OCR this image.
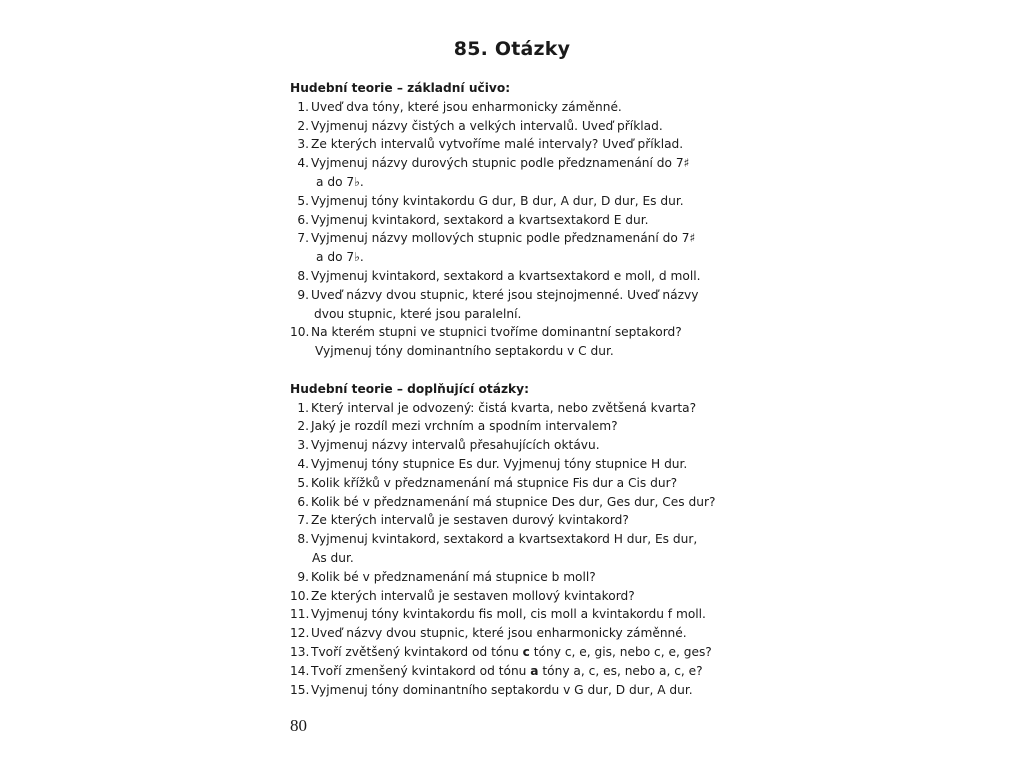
85. Otázky
Hudební teorie – základní učivo:
1. Uveď dva tóny, které jsou enharmonicky záměnné.
2. Vyjmenuj názvy čistých a velkých intervalů. Uveď příklad.
3. Ze kterých intervalů vytvoříme malé intervaly? Uveď příklad.
4. Vyjmenuj názvy durových stupnic podle předznamenání do 7♯
a do 7♭.
5. Vyjmenuj tóny kvintakordu G dur, B dur, A dur, D dur, Es dur.
6. Vyjmenuj kvintakord, sextakord a kvartsextakord E dur.
7. Vyjmenuj názvy mollových stupnic podle předznamenání do 7♯
a do 7♭.
8. Vyjmenuj kvintakord, sextakord a kvartsextakord e moll, d moll.
9. Uveď názvy dvou stupnic, které jsou stejnojmenné. Uveď názvy
dvou stupnic, které jsou paralelní.
10. Na kterém stupni ve stupnici tvoříme dominantní septakord?
Vyjmenuj tóny dominantního septakordu v C dur.
Hudební teorie – doplňující otázky:
1. Který interval je odvozený: čistá kvarta, nebo zvětšená kvarta?
2. Jaký je rozdíl mezi vrchním a spodním intervalem?
3. Vyjmenuj názvy intervalů přesahujících oktávu.
4. Vyjmenuj tóny stupnice Es dur. Vyjmenuj tóny stupnice H dur.
5. Kolik křížků v předznamenání má stupnice Fis dur a Cis dur?
6. Kolik bé v předznamenání má stupnice Des dur, Ges dur, Ces dur?
7. Ze kterých intervalů je sestaven durový kvintakord?
8. Vyjmenuj kvintakord, sextakord a kvartsextakord H dur, Es dur,
As dur.
9. Kolik bé v předznamenání má stupnice b moll?
10. Ze kterých intervalů je sestaven mollový kvintakord?
11. Vyjmenuj tóny kvintakordu fis moll, cis moll a kvintakordu f moll.
12. Uveď názvy dvou stupnic, které jsou enharmonicky záměnné.
13. Tvoří zvětšený kvintakord od tónu c tóny c, e, gis, nebo c, e, ges?
14. Tvoří zmenšený kvintakord od tónu a tóny a, c, es, nebo a, c, e?
15. Vyjmenuj tóny dominantního septakordu v G dur, D dur, A dur.
80
